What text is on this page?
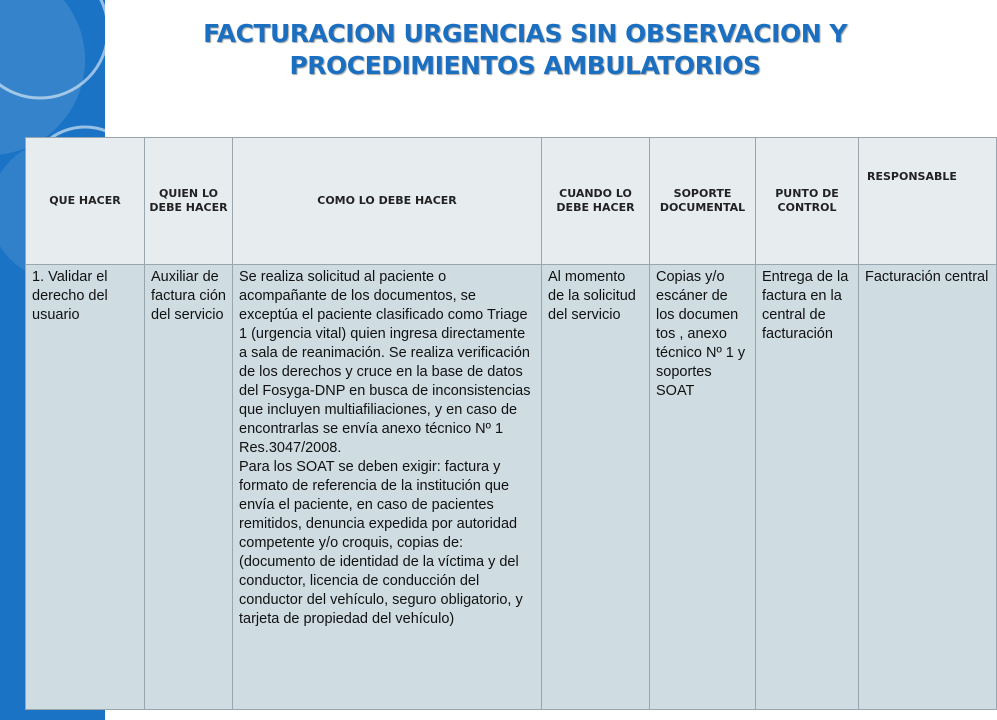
FACTURACION URGENCIAS SIN OBSERVACION Y
PROCEDIMIENTOS AMBULATORIOS
QUE HACER	QUIEN LO DEBE HACER	COMO LO DEBE HACER	CUANDO LO DEBE HACER	SOPORTE DOCUMENTAL	PUNTO DE CONTROL	RESPONSABLE
1. Validar el derecho del usuario	Auxiliar de factura ción del servicio	Se realiza solicitud al paciente o acompañante de los documentos, se exceptúa el paciente clasificado como Triage 1 (urgencia vital) quien ingresa directamente a sala de reanimación. Se realiza verificación de los derechos y cruce en la base de datos del Fosyga-DNP en busca de inconsistencias que incluyen multiafiliaciones, y en caso de encontrarlas se envía anexo técnico Nº 1 Res.3047/2008.

Para los SOAT se deben exigir: factura y formato de referencia de la institución que envía el paciente, en caso de pacientes remitidos, denuncia expedida por autoridad competente y/o croquis, copias de: (documento de identidad de la víctima y del conductor, licencia de conducción del conductor del vehículo, seguro obligatorio, y tarjeta de propiedad del vehículo)	Al momento de la solicitud del servicio	Copias y/o escáner de los documen tos , anexo técnico Nº 1 y soportes SOAT	Entrega de la factura en la central de facturación	Facturación central
